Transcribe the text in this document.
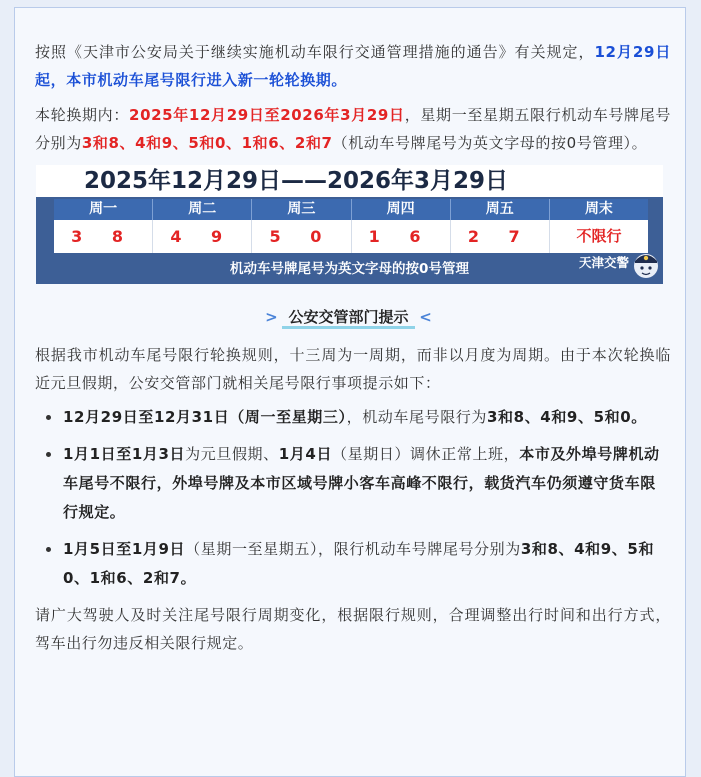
按照《天津市公安局关于继续实施机动车限行交通管理措施的通告》有关规定，12月29日起，本市机动车尾号限行进入新一轮轮换期。

本轮换期内：2025年12月29日至2026年3月29日，星期一至星期五限行机动车号牌尾号分别为3和8、4和9、5和0、1和6、2和7（机动车号牌尾号为英文字母的按0号管理）。

2025年12月29日——2026年3月29日
周一	周二	周三	周四	周五	周末
3 8	4 9	5 0	1 6	2 7	不限行
机动车号牌尾号为英文字母的按0号管理	天津交警
> 公安交管部门提示 <

根据我市机动车尾号限行轮换规则，十三周为一周期，而非以月度为周期。由于本次轮换临近元旦假期，公安交管部门就相关尾号限行事项提示如下：

12月29日至12月31日（周一至星期三），机动车尾号限行为3和8、4和9、5和0。
1月1日至1月3日为元旦假期、1月4日（星期日）调休正常上班，本市及外埠号牌机动车尾号不限行，外埠号牌及本市区域号牌小客车高峰不限行，载货汽车仍须遵守货车限行规定。
1月5日至1月9日（星期一至星期五），限行机动车号牌尾号分别为3和8、4和9、5和0、1和6、2和7。

请广大驾驶人及时关注尾号限行周期变化，根据限行规则，合理调整出行时间和出行方式，驾车出行勿违反相关限行规定。
